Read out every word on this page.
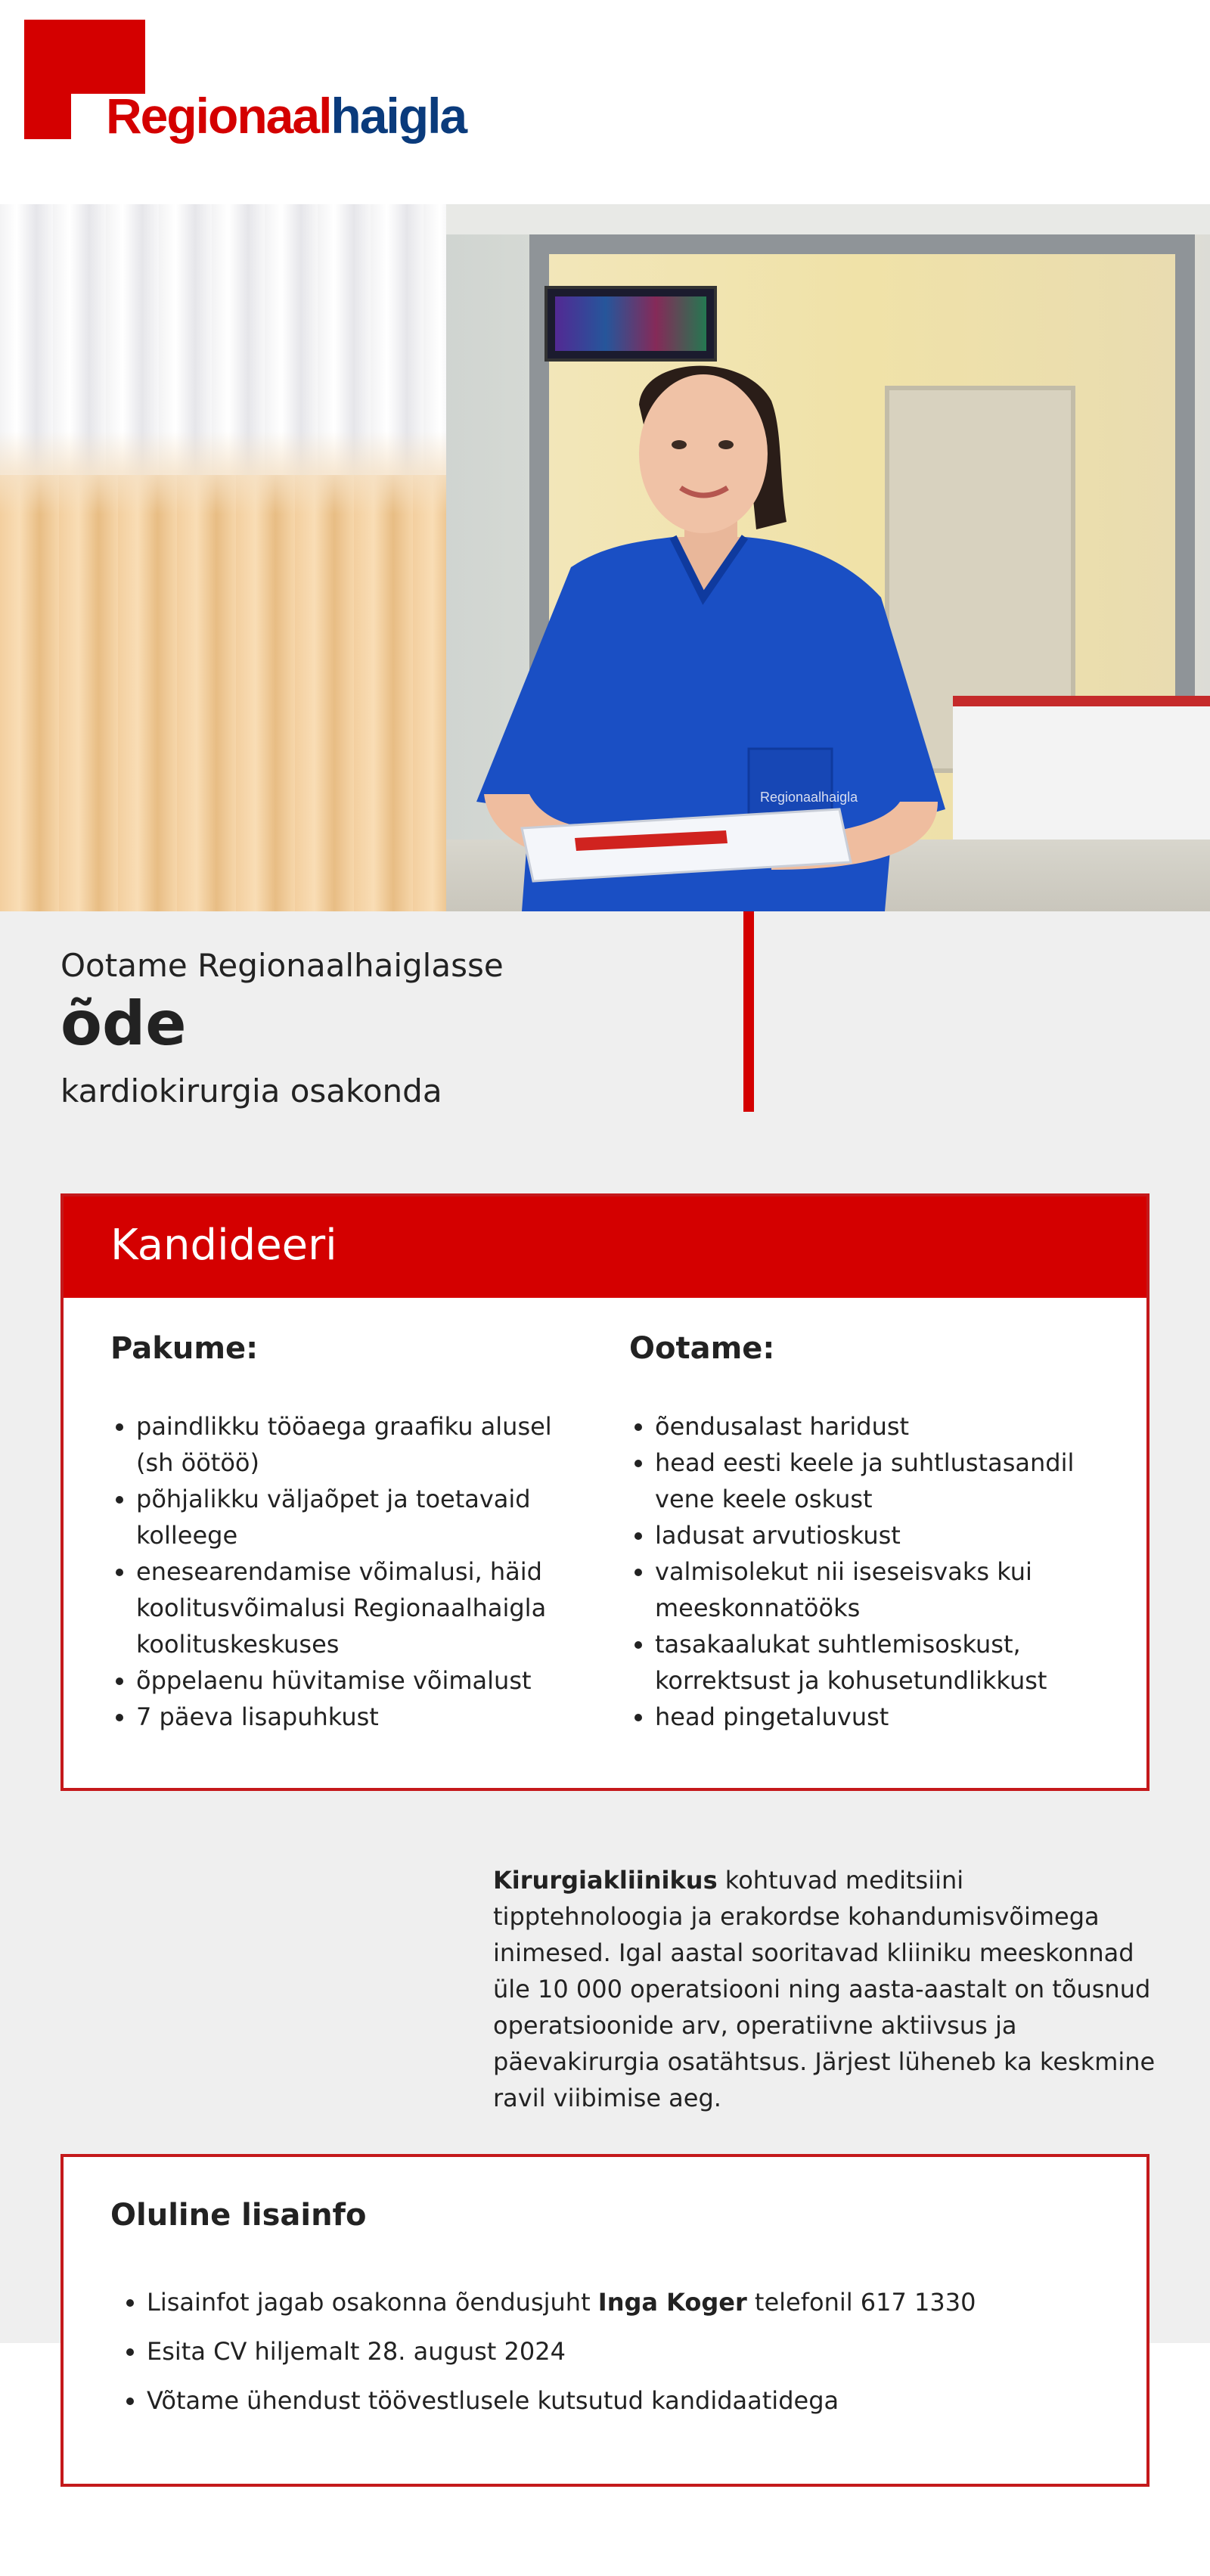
Regionaalhaigla
Regionaalhaigla
Ootame Regionaalhaiglasse
õde
kardiokirurgia osakonda
Kandideeri
Pakume:
• paindlikku tööaega graafiku alusel (sh öötöö)
• põhjalikku väljaõpet ja toetavaid kolleege
• enesearendamise võimalusi, häid koolitusvõimalusi Regionaalhaigla koolituskeskuses
• õppelaenu hüvitamise võimalust
• 7 päeva lisapuhkust
Ootame:
• õendusalast haridust
• head eesti keele ja suhtlustasandil vene keele oskust
• ladusat arvutioskust
• valmisolekut nii iseseisvaks kui meeskonnatööks
• tasakaalukat suhtlemisoskust, korrektsust ja kohusetundlikkust
• head pingetaluvust

Kirurgiakliinikus kohtuvad meditsiini tipptehnoloogia ja erakordse kohandumisvõimega inimesed. Igal aastal sooritavad kliiniku meeskonnad üle 10 000 operatsiooni ning aasta-aastalt on tõusnud operatsioonide arv, operatiivne aktiivsus ja päevakirurgia osatähtsus. Järjest lüheneb ka keskmine ravil viibimise aeg.

Oluline lisainfo
• Lisainfot jagab osakonna õendusjuht Inga Koger telefonil 617 1330
• Esita CV hiljemalt 28. august 2024
• Võtame ühendust töövestlusele kutsutud kandidaatidega
